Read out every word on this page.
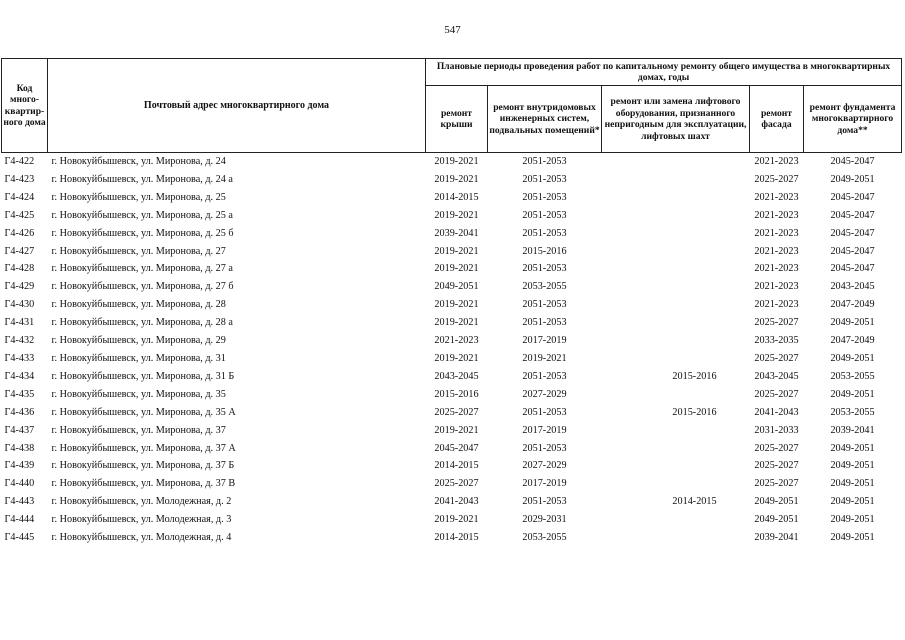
547
Код много-квартир-ного дома	Почтовый адрес многоквартирного дома	Плановые периоды проведения работ по капитальному ремонту общего имущества в многоквартирных домах, годы				
		ремонт крыши	ремонт внутридомовых инженерных систем, подвальных помещений*	ремонт или замена лифтового оборудования, признанного непригодным для эксплуатации, лифтовых шахт	ремонт фасада	ремонт фундамента многоквартирного дома**
Г4-422	г. Новокуйбышевск, ул. Миронова, д. 24	2019-2021	2051-2053		2021-2023	2045-2047
Г4-423	г. Новокуйбышевск, ул. Миронова, д. 24 а	2019-2021	2051-2053		2025-2027	2049-2051
Г4-424	г. Новокуйбышевск, ул. Миронова, д. 25	2014-2015	2051-2053		2021-2023	2045-2047
Г4-425	г. Новокуйбышевск, ул. Миронова, д. 25 а	2019-2021	2051-2053		2021-2023	2045-2047
Г4-426	г. Новокуйбышевск, ул. Миронова, д. 25 б	2039-2041	2051-2053		2021-2023	2045-2047
Г4-427	г. Новокуйбышевск, ул. Миронова, д. 27	2019-2021	2015-2016		2021-2023	2045-2047
Г4-428	г. Новокуйбышевск, ул. Миронова, д. 27 а	2019-2021	2051-2053		2021-2023	2045-2047
Г4-429	г. Новокуйбышевск, ул. Миронова, д. 27 б	2049-2051	2053-2055		2021-2023	2043-2045
Г4-430	г. Новокуйбышевск, ул. Миронова, д. 28	2019-2021	2051-2053		2021-2023	2047-2049
Г4-431	г. Новокуйбышевск, ул. Миронова, д. 28 а	2019-2021	2051-2053		2025-2027	2049-2051
Г4-432	г. Новокуйбышевск, ул. Миронова, д. 29	2021-2023	2017-2019		2033-2035	2047-2049
Г4-433	г. Новокуйбышевск, ул. Миронова, д. 31	2019-2021	2019-2021		2025-2027	2049-2051
Г4-434	г. Новокуйбышевск, ул. Миронова, д. 31 Б	2043-2045	2051-2053	2015-2016	2043-2045	2053-2055
Г4-435	г. Новокуйбышевск, ул. Миронова, д. 35	2015-2016	2027-2029		2025-2027	2049-2051
Г4-436	г. Новокуйбышевск, ул. Миронова, д. 35 А	2025-2027	2051-2053	2015-2016	2041-2043	2053-2055
Г4-437	г. Новокуйбышевск, ул. Миронова, д. 37	2019-2021	2017-2019		2031-2033	2039-2041
Г4-438	г. Новокуйбышевск, ул. Миронова, д. 37 А	2045-2047	2051-2053		2025-2027	2049-2051
Г4-439	г. Новокуйбышевск, ул. Миронова, д. 37 Б	2014-2015	2027-2029		2025-2027	2049-2051
Г4-440	г. Новокуйбышевск, ул. Миронова, д. 37 В	2025-2027	2017-2019		2025-2027	2049-2051
Г4-443	г. Новокуйбышевск, ул. Молодежная, д. 2	2041-2043	2051-2053	2014-2015	2049-2051	2049-2051
Г4-444	г. Новокуйбышевск, ул. Молодежная, д. 3	2019-2021	2029-2031		2049-2051	2049-2051
Г4-445	г. Новокуйбышевск, ул. Молодежная, д. 4	2014-2015	2053-2055		2039-2041	2049-2051
